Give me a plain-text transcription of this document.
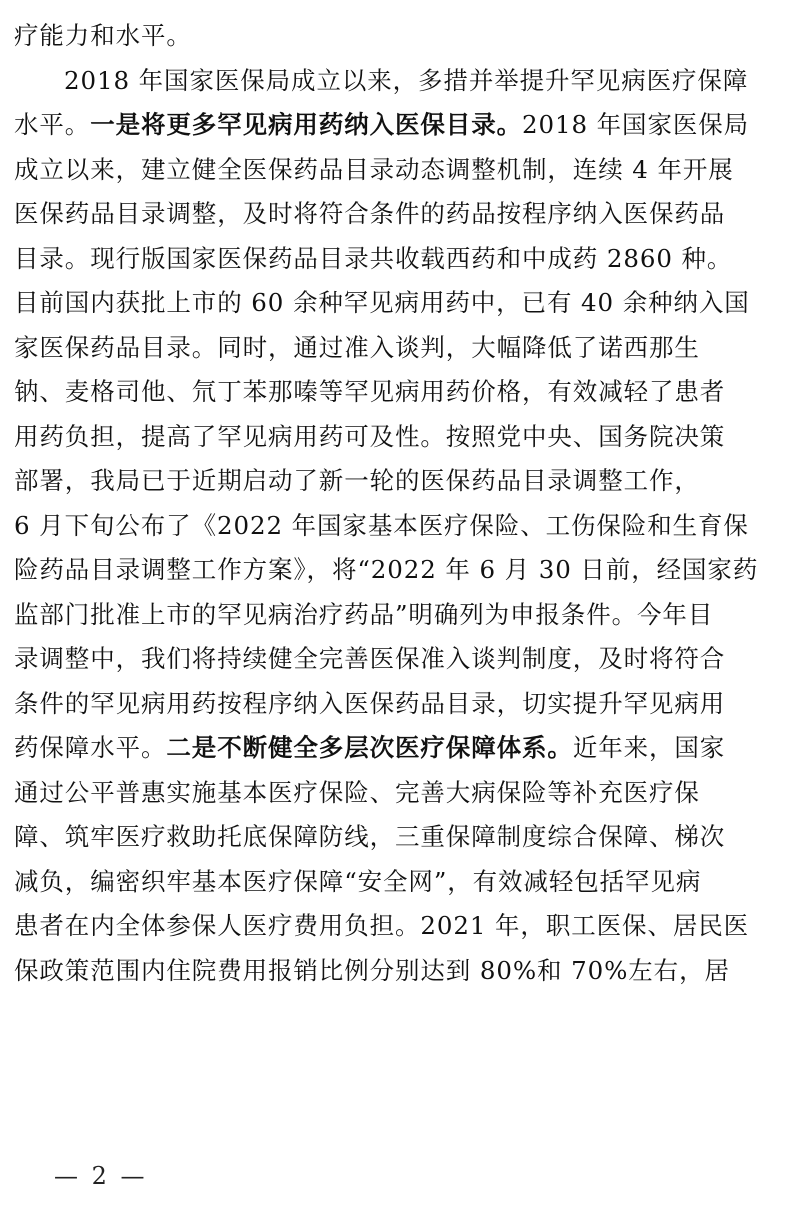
疗能力和水平。
2018 年国家医保局成立以来，多措并举提升罕见病医疗保障
水平。一是将更多罕见病用药纳入医保目录。2018 年国家医保局
成立以来，建立健全医保药品目录动态调整机制，连续 4 年开展
医保药品目录调整，及时将符合条件的药品按程序纳入医保药品
目录。现行版国家医保药品目录共收载西药和中成药 2860 种。
目前国内获批上市的 60 余种罕见病用药中，已有 40 余种纳入国
家医保药品目录。同时，通过准入谈判，大幅降低了诺西那生
钠、麦格司他、氘丁苯那嗪等罕见病用药价格，有效减轻了患者
用药负担，提高了罕见病用药可及性。按照党中央、国务院决策
部署，我局已于近期启动了新一轮的医保药品目录调整工作，
6 月下旬公布了《2022 年国家基本医疗保险、工伤保险和生育保
险药品目录调整工作方案》，将“2022 年 6 月 30 日前，经国家药
监部门批准上市的罕见病治疗药品”明确列为申报条件。今年目
录调整中，我们将持续健全完善医保准入谈判制度，及时将符合
条件的罕见病用药按程序纳入医保药品目录，切实提升罕见病用
药保障水平。二是不断健全多层次医疗保障体系。近年来，国家
通过公平普惠实施基本医疗保险、完善大病保险等补充医疗保
障、筑牢医疗救助托底保障防线，三重保障制度综合保障、梯次
减负，编密织牢基本医疗保障“安全网”，有效减轻包括罕见病
患者在内全体参保人医疗费用负担。2021 年，职工医保、居民医
保政策范围内住院费用报销比例分别达到 80%和 70%左右，居
— 2 —
